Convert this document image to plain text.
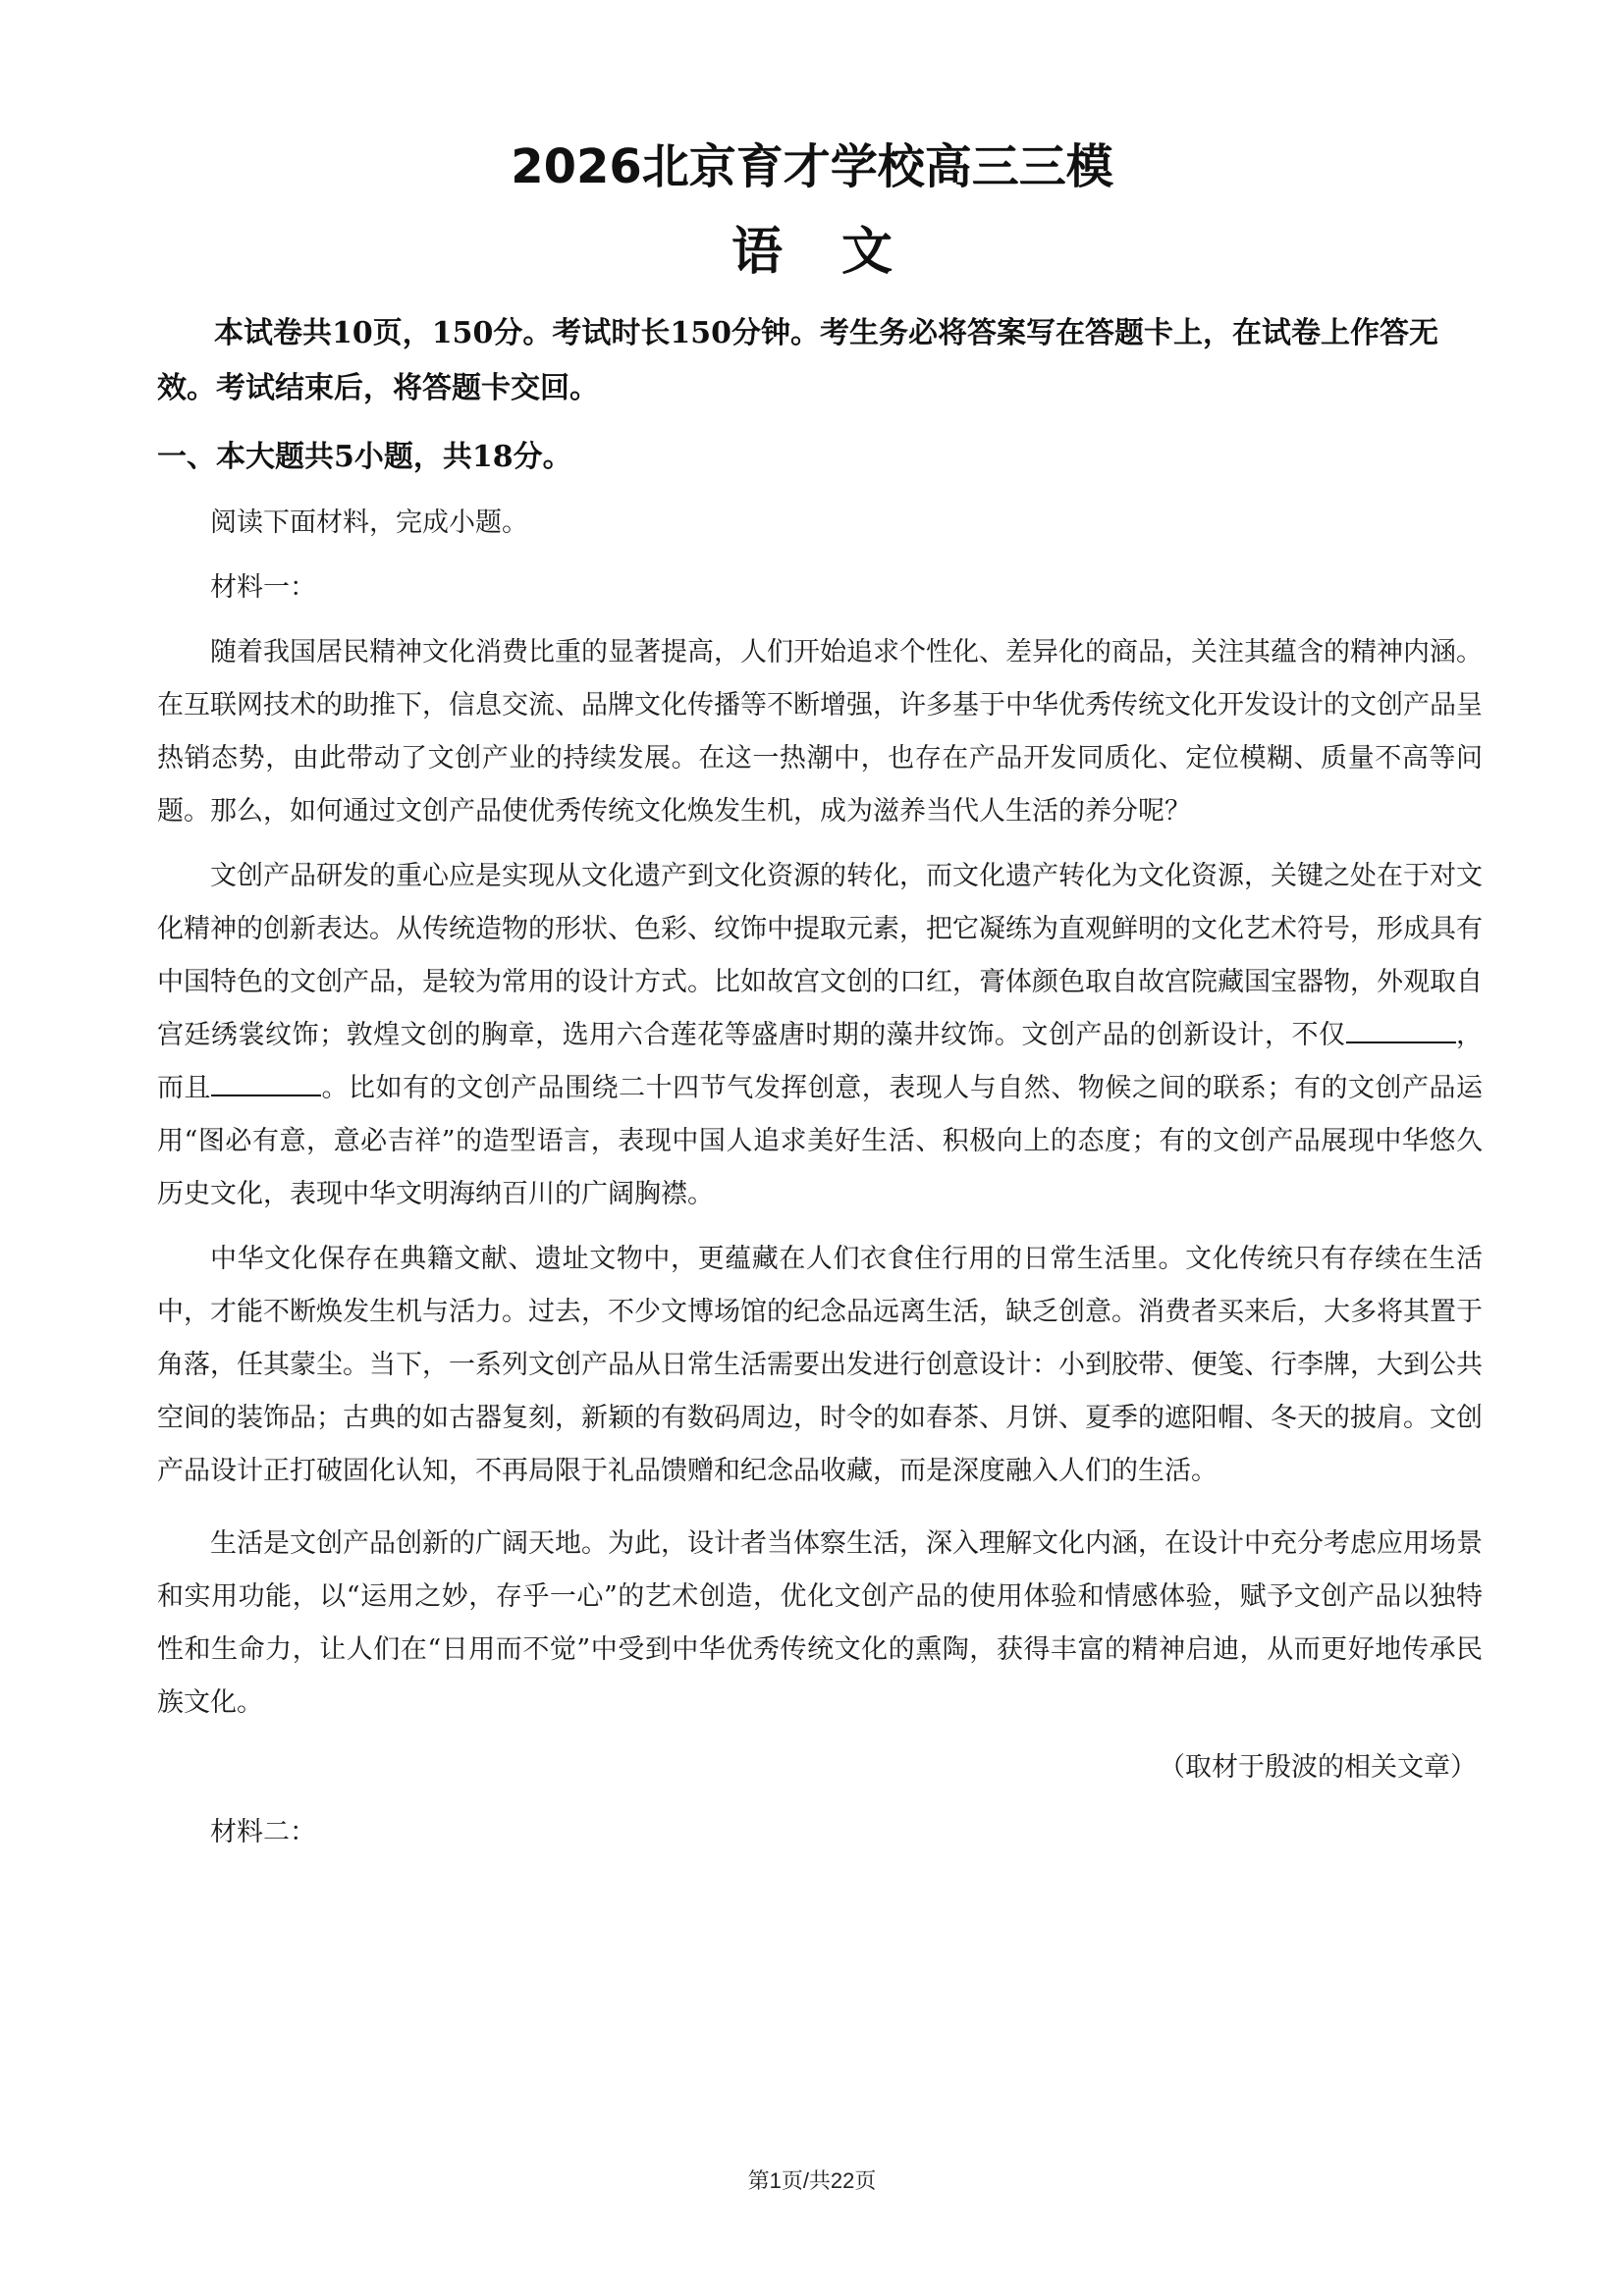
2026北京育才学校高三三模
语文
本试卷共10页，150分。考试时长150分钟。考生务必将答案写在答题卡上，在试卷上作答无效。考试结束后，将答题卡交回。
一、本大题共5小题，共18分。

阅读下面材料，完成小题。

材料一：

随着我国居民精神文化消费比重的显著提高，人们开始追求个性化、差异化的商品，关注其蕴含的精神内涵。在互联网技术的助推下，信息交流、品牌文化传播等不断增强，许多基于中华优秀传统文化开发设计的文创产品呈热销态势，由此带动了文创产业的持续发展。在这一热潮中，也存在产品开发同质化、定位模糊、质量不高等问题。那么，如何通过文创产品使优秀传统文化焕发生机，成为滋养当代人生活的养分呢？

文创产品研发的重心应是实现从文化遗产到文化资源的转化，而文化遗产转化为文化资源，关键之处在于对文化精神的创新表达。从传统造物的形状、色彩、纹饰中提取元素，把它凝练为直观鲜明的文化艺术符号，形成具有中国特色的文创产品，是较为常用的设计方式。比如故宫文创的口红，膏体颜色取自故宫院藏国宝器物，外观取自宫廷绣裳纹饰；敦煌文创的胸章，选用六合莲花等盛唐时期的藻井纹饰。文创产品的创新设计，不仅	，而且	。比如有的文创产品围绕二十四节气发挥创意，表现人与自然、物候之间的联系；有的文创产品运用“图必有意，意必吉祥”的造型语言，表现中国人追求美好生活、积极向上的态度；有的文创产品展现中华悠久历史文化，表现中华文明海纳百川的广阔胸襟。

中华文化保存在典籍文献、遗址文物中，更蕴藏在人们衣食住行用的日常生活里。文化传统只有存续在生活中，才能不断焕发生机与活力。过去，不少文博场馆的纪念品远离生活，缺乏创意。消费者买来后，大多将其置于角落，任其蒙尘。当下，一系列文创产品从日常生活需要出发进行创意设计：小到胶带、便笺、行李牌，大到公共空间的装饰品；古典的如古器复刻，新颖的有数码周边，时令的如春茶、月饼、夏季的遮阳帽、冬天的披肩。文创产品设计正打破固化认知，不再局限于礼品馈赠和纪念品收藏，而是深度融入人们的生活。

生活是文创产品创新的广阔天地。为此，设计者当体察生活，深入理解文化内涵，在设计中充分考虑应用场景和实用功能，以“运用之妙，存乎一心”的艺术创造，优化文创产品的使用体验和情感体验，赋予文创产品以独特性和生命力，让人们在“日用而不觉”中受到中华优秀传统文化的熏陶，获得丰富的精神启迪，从而更好地传承民族文化。

（取材于殷波的相关文章）

材料二：

第1页/共22页
